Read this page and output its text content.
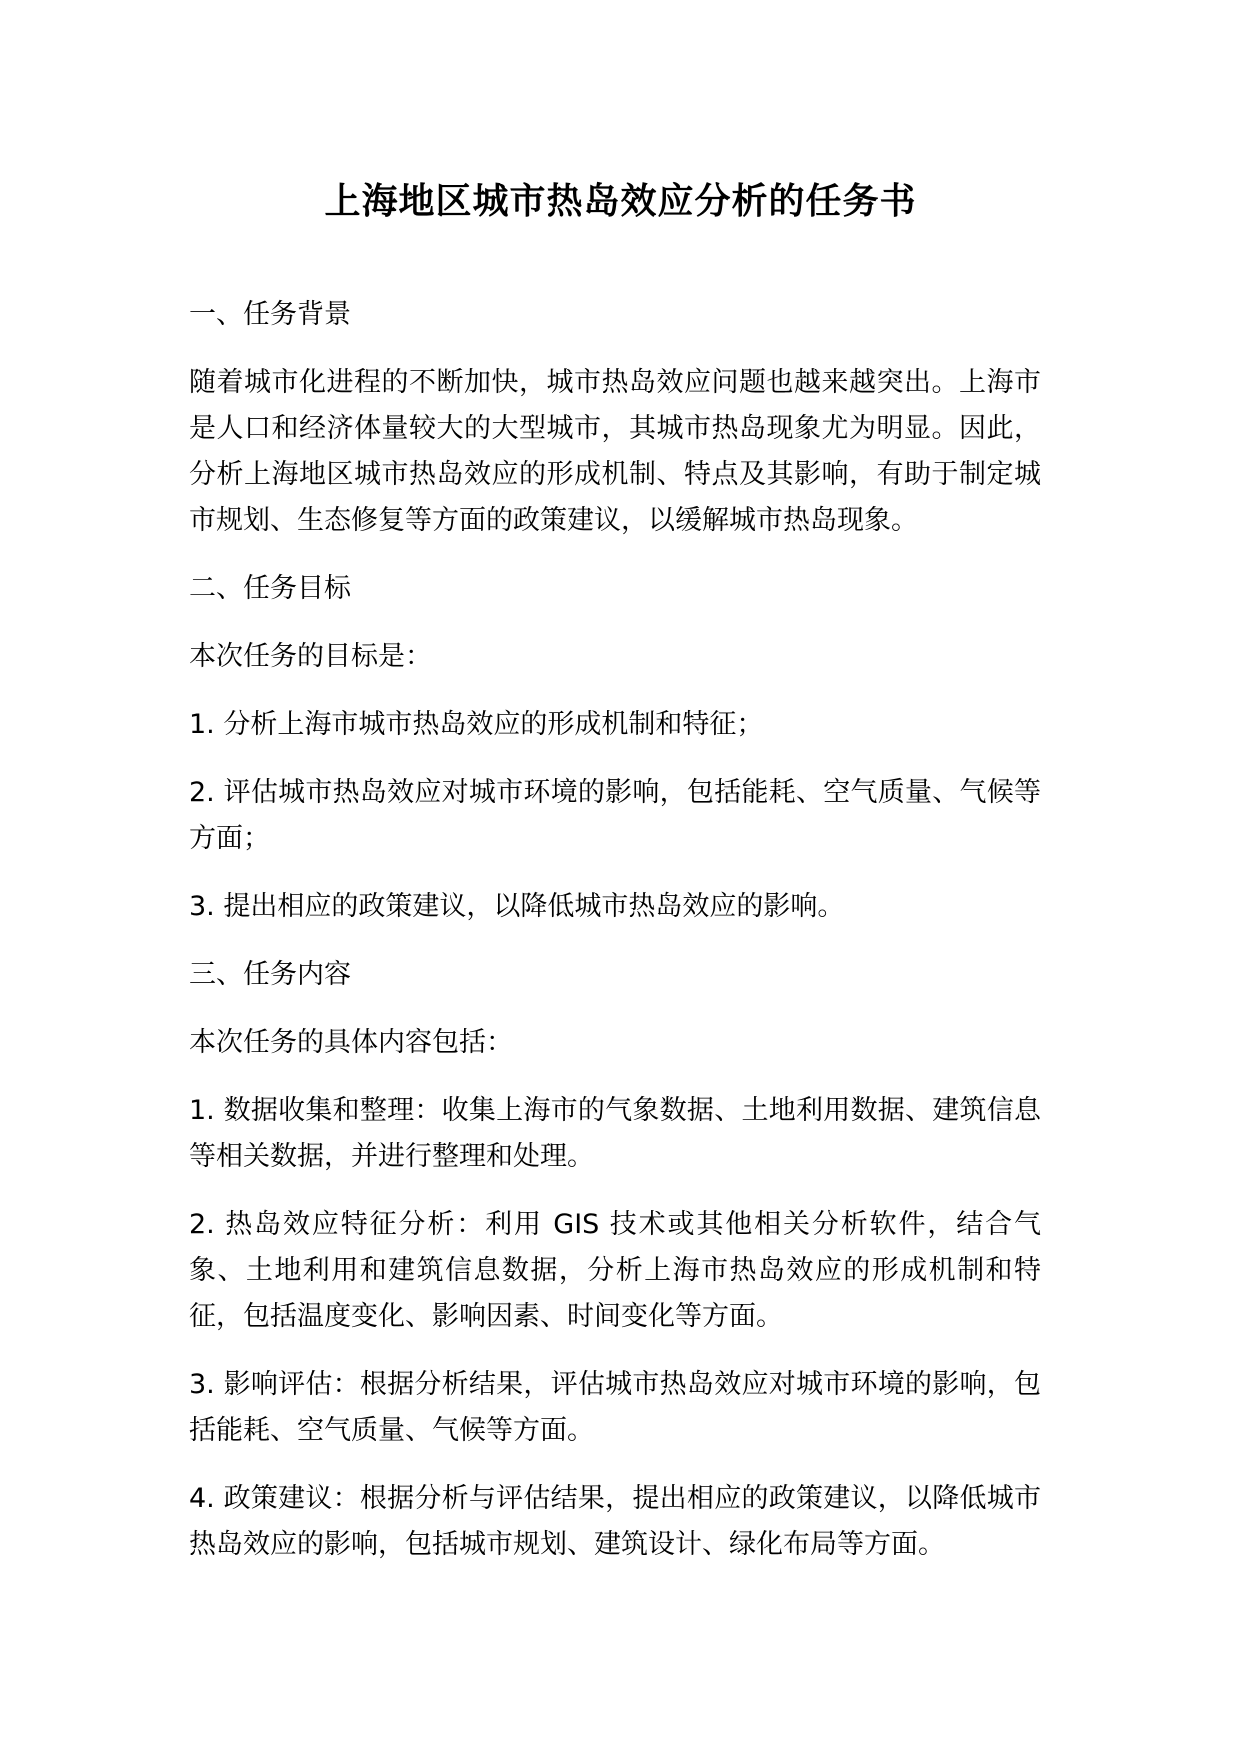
上海地区城市热岛效应分析的任务书

一、任务背景

随着城市化进程的不断加快，城市热岛效应问题也越来越突出。上海市是人口和经济体量较大的大型城市，其城市热岛现象尤为明显。因此，分析上海地区城市热岛效应的形成机制、特点及其影响，有助于制定城市规划、生态修复等方面的政策建议，以缓解城市热岛现象。

二、任务目标

本次任务的目标是：

1. 分析上海市城市热岛效应的形成机制和特征；

2. 评估城市热岛效应对城市环境的影响，包括能耗、空气质量、气候等方面；

3. 提出相应的政策建议，以降低城市热岛效应的影响。

三、任务内容

本次任务的具体内容包括：

1. 数据收集和整理：收集上海市的气象数据、土地利用数据、建筑信息等相关数据，并进行整理和处理。

2. 热岛效应特征分析：利用 GIS 技术或其他相关分析软件，结合气象、土地利用和建筑信息数据，分析上海市热岛效应的形成机制和特征，包括温度变化、影响因素、时间变化等方面。

3. 影响评估：根据分析结果，评估城市热岛效应对城市环境的影响，包括能耗、空气质量、气候等方面。

4. 政策建议：根据分析与评估结果，提出相应的政策建议，以降低城市热岛效应的影响，包括城市规划、建筑设计、绿化布局等方面。
